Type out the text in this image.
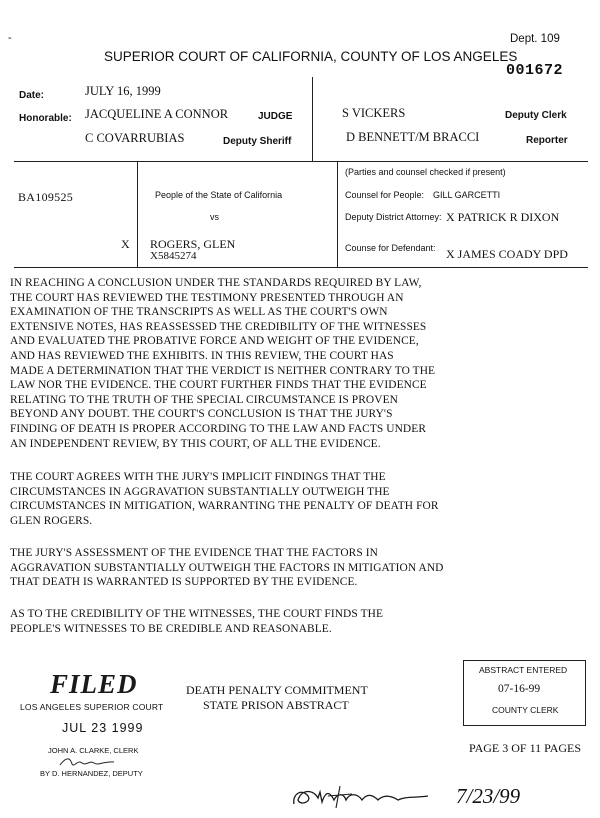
-	Dept. 109
SUPERIOR COURT OF CALIFORNIA, COUNTY OF LOS ANGELES
001672
Date:	JULY 16, 1999
Honorable: JACQUELINE A CONNOR	JUDGE
C COVARRUBIAS	Deputy Sheriff
S VICKERS	Deputy Clerk
D BENNETT/M BRACCI	Reporter
BA109525
X
People of the State of California
vs
ROGERS, GLEN
X5845274
(Parties and counsel checked if present)
Counsel for People: GILL GARCETTI
Deputy District Attorney: X PATRICK R DIXON
Counse for Defendant: X JAMES COADY DPD
IN REACHING A CONCLUSION UNDER THE STANDARDS REQUIRED BY LAW,
THE COURT HAS REVIEWED THE TESTIMONY PRESENTED THROUGH AN
EXAMINATION OF THE TRANSCRIPTS AS WELL AS THE COURT'S OWN
EXTENSIVE NOTES, HAS REASSESSED THE CREDIBILITY OF THE WITNESSES
AND EVALUATED THE PROBATIVE FORCE AND WEIGHT OF THE EVIDENCE,
AND HAS REVIEWED THE EXHIBITS. IN THIS REVIEW, THE COURT HAS
MADE A DETERMINATION THAT THE VERDICT IS NEITHER CONTRARY TO THE
LAW NOR THE EVIDENCE. THE COURT FURTHER FINDS THAT THE EVIDENCE
RELATING TO THE TRUTH OF THE SPECIAL CIRCUMSTANCE IS PROVEN
BEYOND ANY DOUBT. THE COURT'S CONCLUSION IS THAT THE JURY'S
FINDING OF DEATH IS PROPER ACCORDING TO THE LAW AND FACTS UNDER
AN INDEPENDENT REVIEW, BY THIS COURT, OF ALL THE EVIDENCE.
THE COURT AGREES WITH THE JURY'S IMPLICIT FINDINGS THAT THE
CIRCUMSTANCES IN AGGRAVATION SUBSTANTIALLY OUTWEIGH THE
CIRCUMSTANCES IN MITIGATION, WARRANTING THE PENALTY OF DEATH FOR
GLEN ROGERS.
THE JURY'S ASSESSMENT OF THE EVIDENCE THAT THE FACTORS IN
AGGRAVATION SUBSTANTIALLY OUTWEIGH THE FACTORS IN MITIGATION AND
THAT DEATH IS WARRANTED IS SUPPORTED BY THE EVIDENCE.
AS TO THE CREDIBILITY OF THE WITNESSES, THE COURT FINDS THE
PEOPLE'S WITNESSES TO BE CREDIBLE AND REASONABLE.
FILED
LOS ANGELES SUPERIOR COURT
JUL 23 1999
JOHN A. CLARKE, CLERK
BY D. HERNANDEZ, DEPUTY
DEATH PENALTY COMMITMENT
STATE PRISON ABSTRACT
ABSTRACT ENTERED
07-16-99
COUNTY CLERK
PAGE 3 OF 11 PAGES
7/23/99
